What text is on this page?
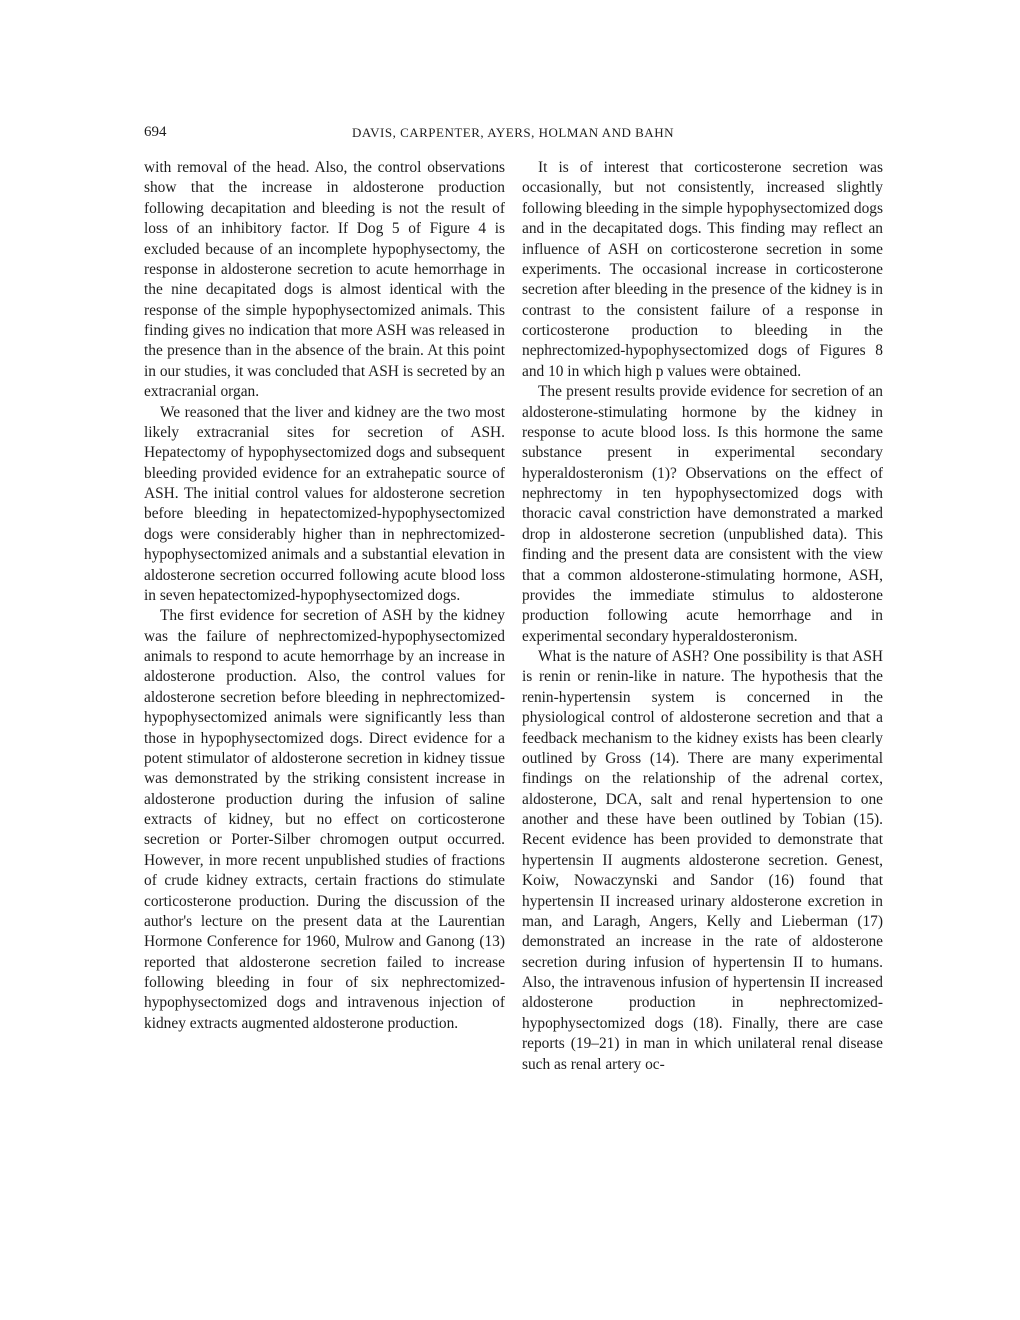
694	DAVIS, CARPENTER, AYERS, HOLMAN AND BAHN

with removal of the head. Also, the control observations show that the increase in aldosterone production following decapitation and bleeding is not the result of loss of an inhibitory factor. If Dog 5 of Figure 4 is excluded because of an incomplete hypophysectomy, the response in aldosterone secretion to acute hemorrhage in the nine decapitated dogs is almost identical with the response of the simple hypophysectomized animals. This finding gives no indication that more ASH was released in the presence than in the absence of the brain. At this point in our studies, it was concluded that ASH is secreted by an extracranial organ.

We reasoned that the liver and kidney are the two most likely extracranial sites for secretion of ASH. Hepatectomy of hypophysectomized dogs and subsequent bleeding provided evidence for an extrahepatic source of ASH. The initial control values for aldosterone secretion before bleeding in hepatectomized-hypophysectomized dogs were considerably higher than in nephrectomized-hypophysectomized animals and a substantial elevation in aldosterone secretion occurred following acute blood loss in seven hepatectomized-hypophysectomized dogs.

The first evidence for secretion of ASH by the kidney was the failure of nephrectomized-hypophysectomized animals to respond to acute hemorrhage by an increase in aldosterone production. Also, the control values for aldosterone secretion before bleeding in nephrectomized-hypophysectomized animals were significantly less than those in hypophysectomized dogs. Direct evidence for a potent stimulator of aldosterone secretion in kidney tissue was demonstrated by the striking consistent increase in aldosterone production during the infusion of saline extracts of kidney, but no effect on corticosterone secretion or Porter-Silber chromogen output occurred. However, in more recent unpublished studies of fractions of crude kidney extracts, certain fractions do stimulate corticosterone production. During the discussion of the author's lecture on the present data at the Laurentian Hormone Conference for 1960, Mulrow and Ganong (13) reported that aldosterone secretion failed to increase following bleeding in four of six nephrectomized-hypophysectomized dogs and intravenous injection of kidney extracts augmented aldosterone production.

It is of interest that corticosterone secretion was occasionally, but not consistently, increased slightly following bleeding in the simple hypophysectomized dogs and in the decapitated dogs. This finding may reflect an influence of ASH on corticosterone secretion in some experiments. The occasional increase in corticosterone secretion after bleeding in the presence of the kidney is in contrast to the consistent failure of a response in corticosterone production to bleeding in the nephrectomized-hypophysectomized dogs of Figures 8 and 10 in which high p values were obtained.

The present results provide evidence for secretion of an aldosterone-stimulating hormone by the kidney in response to acute blood loss. Is this hormone the same substance present in experimental secondary hyperaldosteronism (1)? Observations on the effect of nephrectomy in ten hypophysectomized dogs with thoracic caval constriction have demonstrated a marked drop in aldosterone secretion (unpublished data). This finding and the present data are consistent with the view that a common aldosterone-stimulating hormone, ASH, provides the immediate stimulus to aldosterone production following acute hemorrhage and in experimental secondary hyperaldosteronism.

What is the nature of ASH? One possibility is that ASH is renin or renin-like in nature. The hypothesis that the renin-hypertensin system is concerned in the physiological control of aldosterone secretion and that a feedback mechanism to the kidney exists has been clearly outlined by Gross (14). There are many experimental findings on the relationship of the adrenal cortex, aldosterone, DCA, salt and renal hypertension to one another and these have been outlined by Tobian (15). Recent evidence has been provided to demonstrate that hypertensin II augments aldosterone secretion. Genest, Koiw, Nowaczynski and Sandor (16) found that hypertensin II increased urinary aldosterone excretion in man, and Laragh, Angers, Kelly and Lieberman (17) demonstrated an increase in the rate of aldosterone secretion during infusion of hypertensin II to humans. Also, the intravenous infusion of hypertensin II increased aldosterone production in nephrectomized-hypophysectomized dogs (18). Finally, there are case reports (19–21) in man in which unilateral renal disease such as renal artery oc-
